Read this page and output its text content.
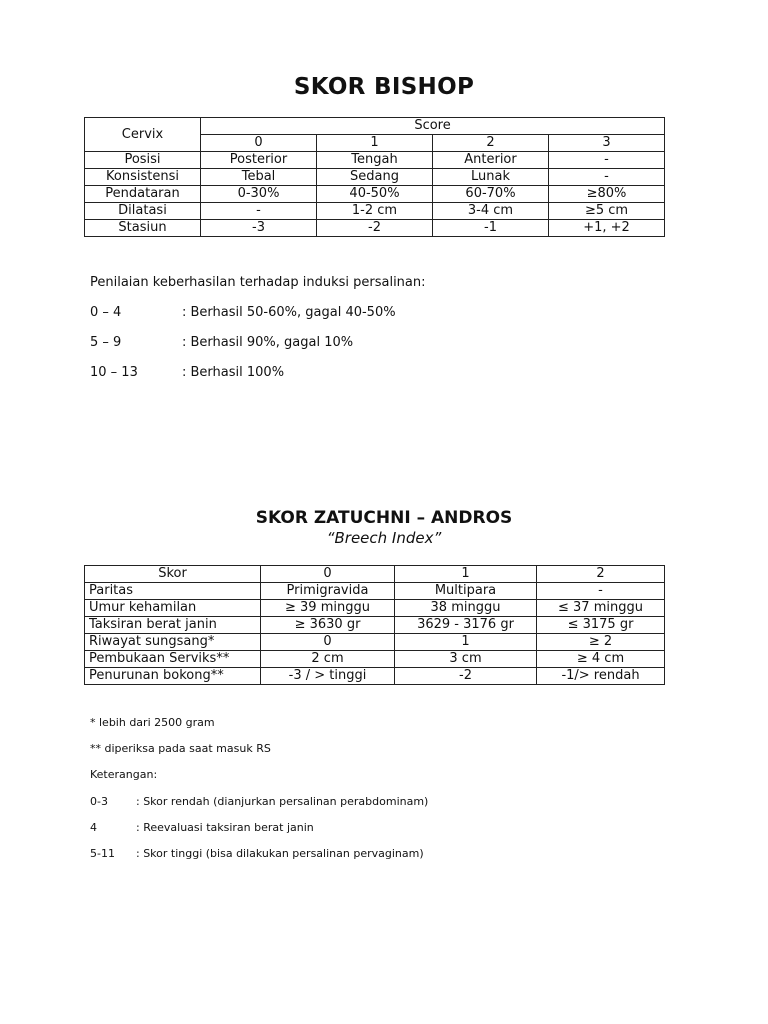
SKOR BISHOP
Cervix	Score			
	0	1	2	3
Posisi	Posterior	Tengah	Anterior	-
Konsistensi	Tebal	Sedang	Lunak	-
Pendataran	0-30%	40-50%	60-70%	≥80%
Dilatasi	-	1-2 cm	3-4 cm	≥5 cm
Stasiun	-3	-2	-1	+1, +2
Penilaian keberhasilan terhadap induksi persalinan:
0 – 4	: Berhasil 50-60%, gagal 40-50%
5 – 9	: Berhasil 90%, gagal 10%
10 – 13	: Berhasil 100%
SKOR ZATUCHNI – ANDROS
“Breech Index”
Skor	0	1	2
Paritas	Primigravida	Multipara	-
Umur kehamilan	≥ 39 minggu	38 minggu	≤ 37 minggu
Taksiran berat janin	≥ 3630 gr	3629 - 3176 gr	≤ 3175 gr
Riwayat sungsang*	0	1	≥ 2
Pembukaan Serviks**	2 cm	3 cm	≥ 4 cm
Penurunan bokong**	-3 / > tinggi	-2	-1/> rendah
* lebih dari 2500 gram
** diperiksa pada saat masuk RS
Keterangan:
0-3	: Skor rendah (dianjurkan persalinan perabdominam)
4	: Reevaluasi taksiran berat janin
5-11 : Skor tinggi (bisa dilakukan persalinan pervaginam)
